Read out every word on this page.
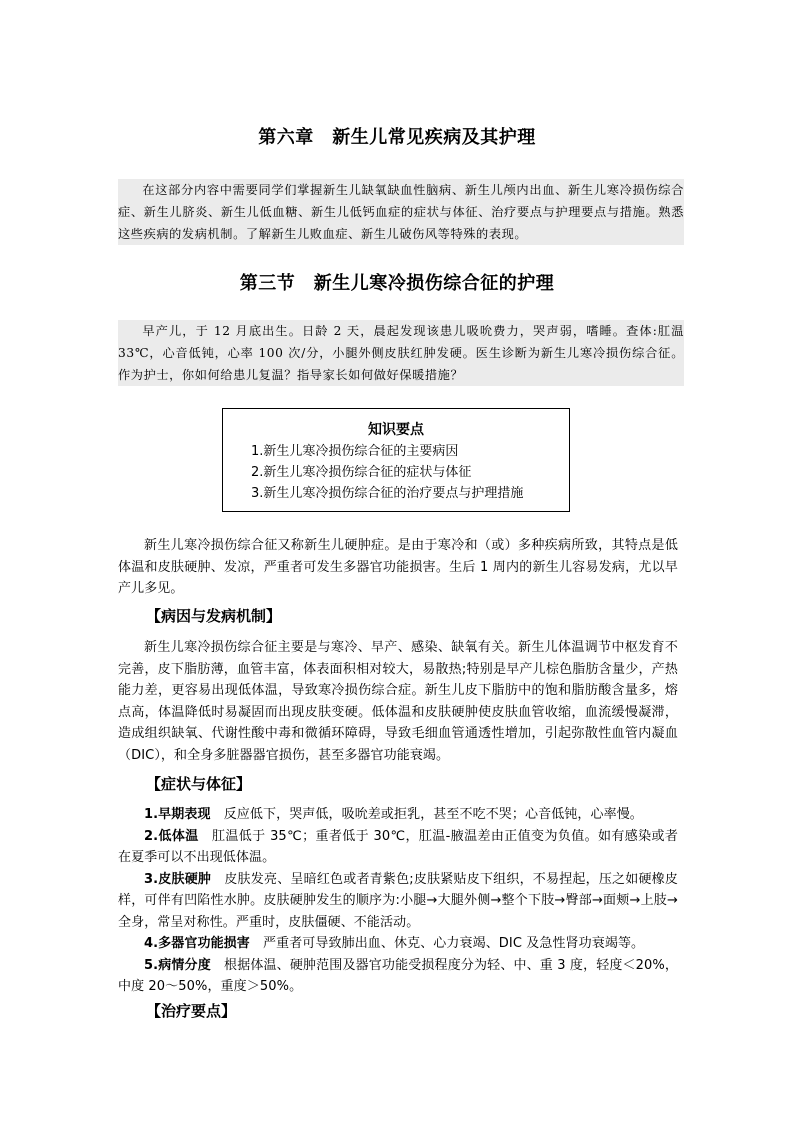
第六章　新生儿常见疾病及其护理

在这部分内容中需要同学们掌握新生儿缺氧缺血性脑病、新生儿颅内出血、新生儿寒冷损伤综合症、新生儿脐炎、新生儿低血糖、新生儿低钙血症的症状与体征、治疗要点与护理要点与措施。熟悉这些疾病的发病机制。了解新生儿败血症、新生儿破伤风等特殊的表现。

第三节　新生儿寒冷损伤综合征的护理

早产儿，于 12 月底出生。日龄 2 天，晨起发现该患儿吸吮费力，哭声弱，嗜睡。查体:肛温 33℃，心音低钝，心率 100 次/分，小腿外侧皮肤红肿发硬。医生诊断为新生儿寒冷损伤综合征。作为护士，你如何给患儿复温？指导家长如何做好保暖措施？

知识要点
1.新生儿寒冷损伤综合征的主要病因
2.新生儿寒冷损伤综合征的症状与体征
3.新生儿寒冷损伤综合征的治疗要点与护理措施

新生儿寒冷损伤综合征又称新生儿硬肿症。是由于寒冷和（或）多种疾病所致，其特点是低体温和皮肤硬肿、发凉，严重者可发生多器官功能损害。生后 1 周内的新生儿容易发病，尤以早产儿多见。

【病因与发病机制】

新生儿寒冷损伤综合征主要是与寒冷、早产、感染、缺氧有关。新生儿体温调节中枢发育不完善，皮下脂肪薄，血管丰富，体表面积相对较大，易散热;特别是早产儿棕色脂肪含量少，产热能力差，更容易出现低体温，导致寒冷损伤综合症。新生儿皮下脂肪中的饱和脂肪酸含量多，熔点高，体温降低时易凝固而出现皮肤变硬。低体温和皮肤硬肿使皮肤血管收缩，血流缓慢凝滞，造成组织缺氧、代谢性酸中毒和微循环障碍，导致毛细血管通透性增加，引起弥散性血管内凝血（DIC），和全身多脏器器官损伤，甚至多器官功能衰竭。

【症状与体征】

1.早期表现　反应低下，哭声低，吸吮差或拒乳，甚至不吃不哭；心音低钝，心率慢。

2.低体温　肛温低于 35℃；重者低于 30℃，肛温-腋温差由正值变为负值。如有感染或者在夏季可以不出现低体温。

3.皮肤硬肿　皮肤发亮、呈暗红色或者青紫色;皮肤紧贴皮下组织，不易捏起，压之如硬橡皮样，可伴有凹陷性水肿。皮肤硬肿发生的顺序为:小腿→大腿外侧→整个下肢→臀部→面颊→上肢→全身，常呈对称性。严重时，皮肤僵硬、不能活动。

4.多器官功能损害　严重者可导致肺出血、休克、心力衰竭、DIC 及急性肾功衰竭等。

5.病情分度　根据体温、硬肿范围及器官功能受损程度分为轻、中、重 3 度，轻度＜20%，中度 20～50%，重度＞50%。

【治疗要点】
